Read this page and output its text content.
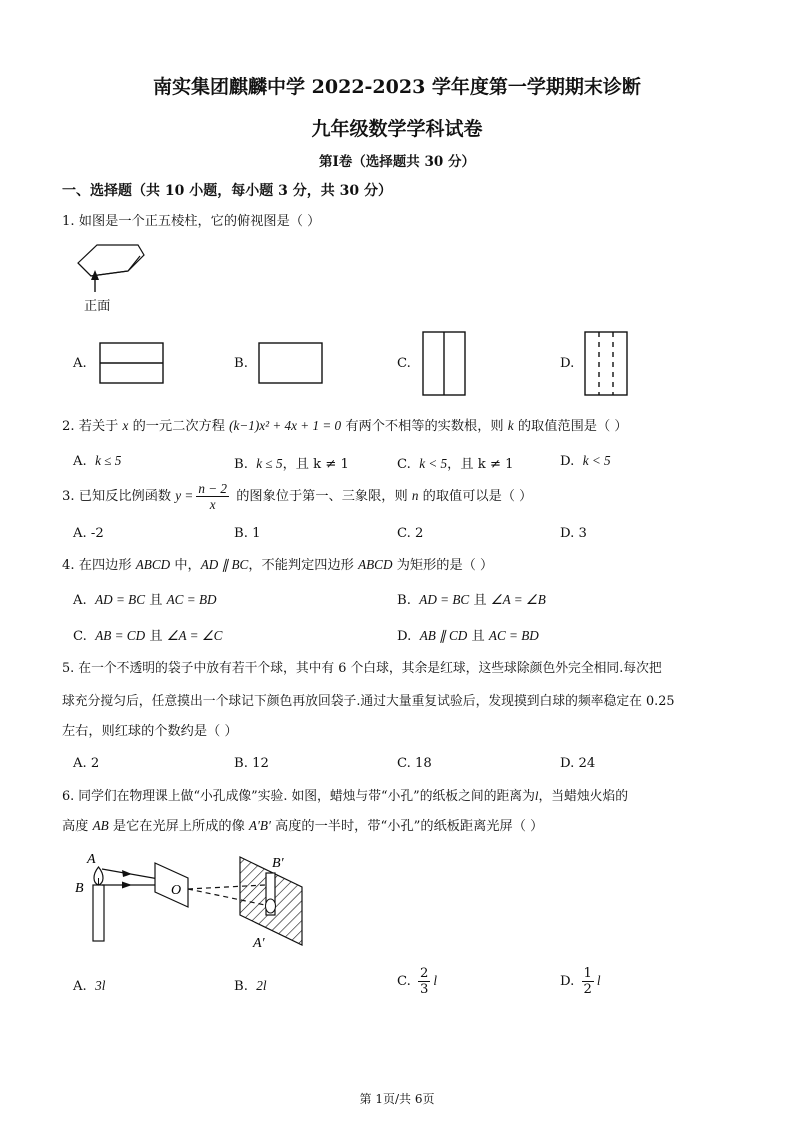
南实集团麒麟中学 2022-2023 学年度第一学期期末诊断
九年级数学学科试卷
第Ⅰ卷（选择题共 30 分）
一、选择题（共 10 小题，每小题 3 分，共 30 分）
1. 如图是一个正五棱柱，它的俯视图是（ ）
正面
A.	B.	C.	D.
2. 若关于 x 的一元二次方程 (k−1)x² + 4x + 1 = 0 有两个不相等的实数根，则 k 的取值范围是（ ）
A. k ≤ 5	B. k ≤ 5，且 k ≠ 1	C. k < 5，且 k ≠ 1	D. k < 5
3. 已知反比例函数 $y = \frac{n - 2}{x}$ 的图象位于第一、三象限，则 n 的取值可以是（ ）
A. -2	B. 1	C. 2	D. 3
4. 在四边形 ABCD 中，AD ∥ BC，不能判定四边形 ABCD 为矩形的是（ ）
A. AD = BC 且 AC = BD	B. AD = BC 且 ∠A = ∠B
C. AB = CD 且 ∠A = ∠C	D. AB ∥ CD 且 AC = BD
5. 在一个不透明的袋子中放有若干个球，其中有 6 个白球，其余是红球，这些球除颜色外完全相同.每次把
球充分搅匀后，任意摸出一个球记下颜色再放回袋子.通过大量重复试验后，发现摸到白球的频率稳定在 0.25
左右，则红球的个数约是（ ）
A. 2	B. 12	C. 18	D. 24
6. 同学们在物理课上做“小孔成像”实验. 如图，蜡烛与带“小孔”的纸板之间的距离为l，当蜡烛火焰的
高度 AB 是它在光屏上所成的像 A′B′ 高度的一半时，带“小孔”的纸板距离光屏（ ）
A
B	O
B′
A′
A. 3l	B. 2l	C. $\frac{2}{3}$ l	D. $\frac{1}{2}$ l
第 1页/共 6页
